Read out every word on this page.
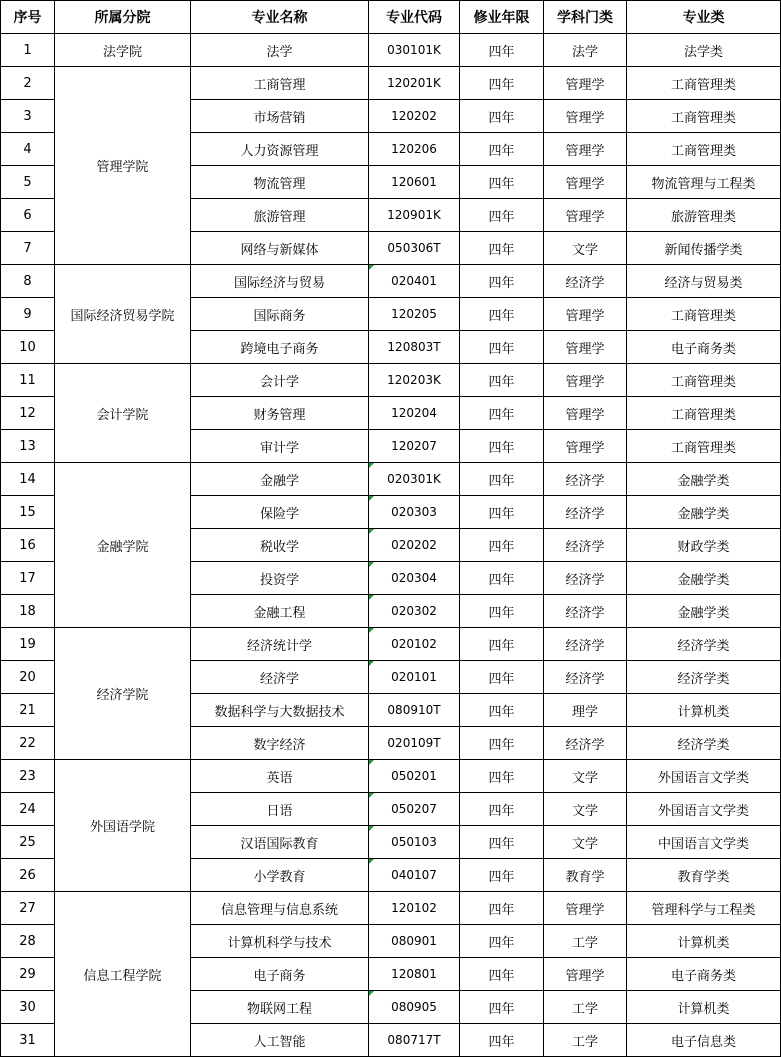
序号	所属分院	专业名称	专业代码	修业年限	学科门类	专业类
1	法学院	法学	030101K	四年	法学	法学类
2	管理学院	工商管理	120201K	四年	管理学	工商管理类
3		市场营销	120202	四年	管理学	工商管理类
4		人力资源管理	120206	四年	管理学	工商管理类
5		物流管理	120601	四年	管理学	物流管理与工程类
6		旅游管理	120901K	四年	管理学	旅游管理类
7		网络与新媒体	050306T	四年	文学	新闻传播学类
8	国际经济贸易学院	国际经济与贸易	020401	四年	经济学	经济与贸易类
9		国际商务	120205	四年	管理学	工商管理类
10		跨境电子商务	120803T	四年	管理学	电子商务类
11	会计学院	会计学	120203K	四年	管理学	工商管理类
12		财务管理	120204	四年	管理学	工商管理类
13		审计学	120207	四年	管理学	工商管理类
14	金融学院	金融学	020301K	四年	经济学	金融学类
15		保险学	020303	四年	经济学	金融学类
16		税收学	020202	四年	经济学	财政学类
17		投资学	020304	四年	经济学	金融学类
18		金融工程	020302	四年	经济学	金融学类
19	经济学院	经济统计学	020102	四年	经济学	经济学类
20		经济学	020101	四年	经济学	经济学类
21		数据科学与大数据技术	080910T	四年	理学	计算机类
22		数字经济	020109T	四年	经济学	经济学类
23	外国语学院	英语	050201	四年	文学	外国语言文学类
24		日语	050207	四年	文学	外国语言文学类
25		汉语国际教育	050103	四年	文学	中国语言文学类
26		小学教育	040107	四年	教育学	教育学类
27	信息工程学院	信息管理与信息系统	120102	四年	管理学	管理科学与工程类
28		计算机科学与技术	080901	四年	工学	计算机类
29		电子商务	120801	四年	管理学	电子商务类
30		物联网工程	080905	四年	工学	计算机类
31		人工智能	080717T	四年	工学	电子信息类
